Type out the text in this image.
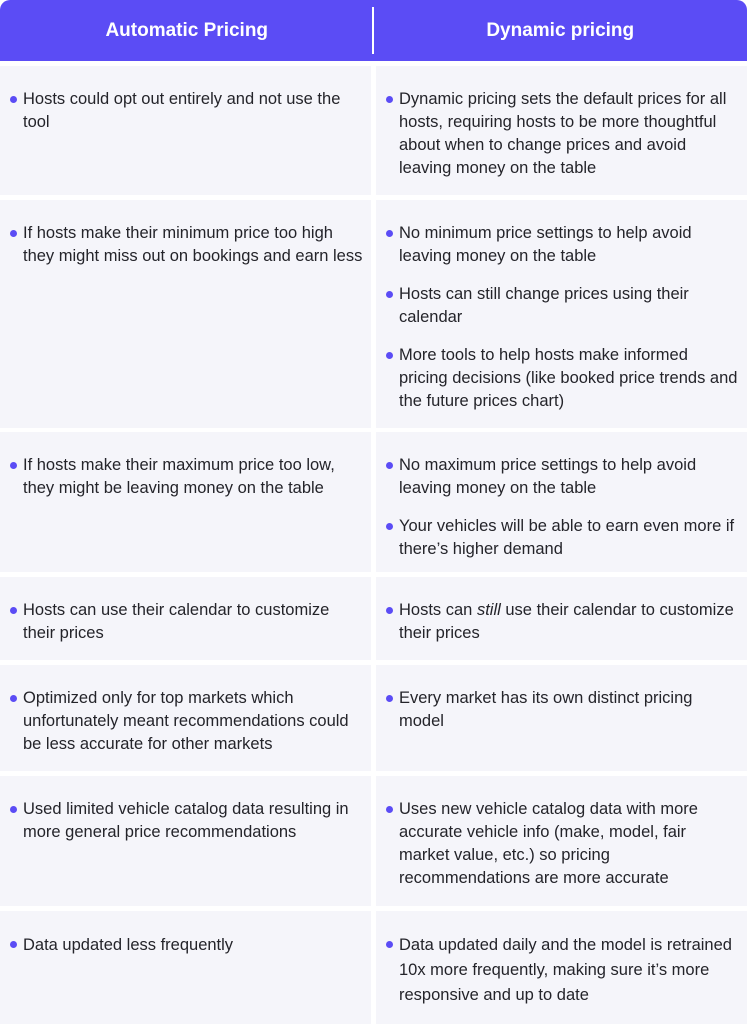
Automatic Pricing	Dynamic pricing
Hosts could opt out entirely and not use the tool
Dynamic pricing sets the default prices for all hosts, requiring hosts to be more thoughtful about when to change prices and avoid leaving money on the table
If hosts make their minimum price too high they might miss out on bookings and earn less
No minimum price settings to help avoid leaving money on the table
Hosts can still change prices using their calendar
More tools to help hosts make informed pricing decisions (like booked price trends and the future prices chart)
If hosts make their maximum price too low, they might be leaving money on the table
No maximum price settings to help avoid leaving money on the table
Your vehicles will be able to earn even more if there’s higher demand
Hosts can use their calendar to customize their prices
Hosts can still use their calendar to customize their prices
Optimized only for top markets which unfortunately meant recommendations could be less accurate for other markets
Every market has its own distinct pricing model
Used limited vehicle catalog data resulting in more general price recommendations
Uses new vehicle catalog data with more accurate vehicle info (make, model, fair market value, etc.) so pricing recommendations are more accurate
Data updated less frequently	Data updated daily and the model is retrained 10x more frequently, making sure it’s more responsive and up to date
